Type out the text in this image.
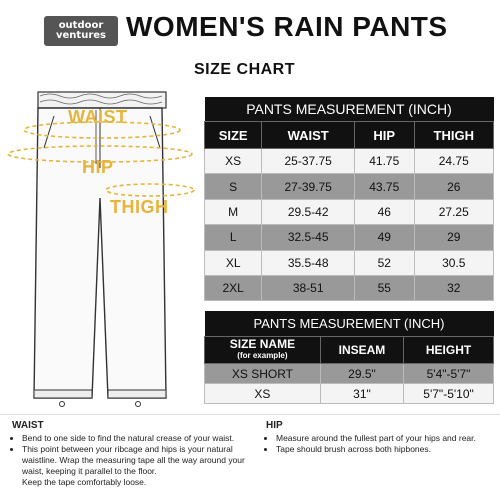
outdoor
ventures WOMEN'S RAIN PANTS
SIZE CHART
WAIST
HIP
THIGH
PANTS MEASUREMENT (INCH)			
SIZE	WAIST	HIP	THIGH
XS	25-37.75	41.75	24.75
S	27-39.75	43.75	26
M	29.5-42	46	27.25
L	32.5-45	49	29
XL	35.5-48	52	30.5
2XL	38-51	55	32
PANTS MEASUREMENT (INCH)		
SIZE NAME
(for example)	INSEAM	HEIGHT
XS SHORT	29.5"	5'4"-5'7"
XS	31"	5'7"-5'10"
WAIST
• Bend to one side to find the natural crease of your waist.
• This point between your ribcage and hips is your natural waistline. Wrap the measuring tape all the way around your waist, keeping it parallel to the floor.
Keep the tape comfortably loose.
HIP
• Measure around the fullest part of your hips and rear.
• Tape should brush across both hipbones.
